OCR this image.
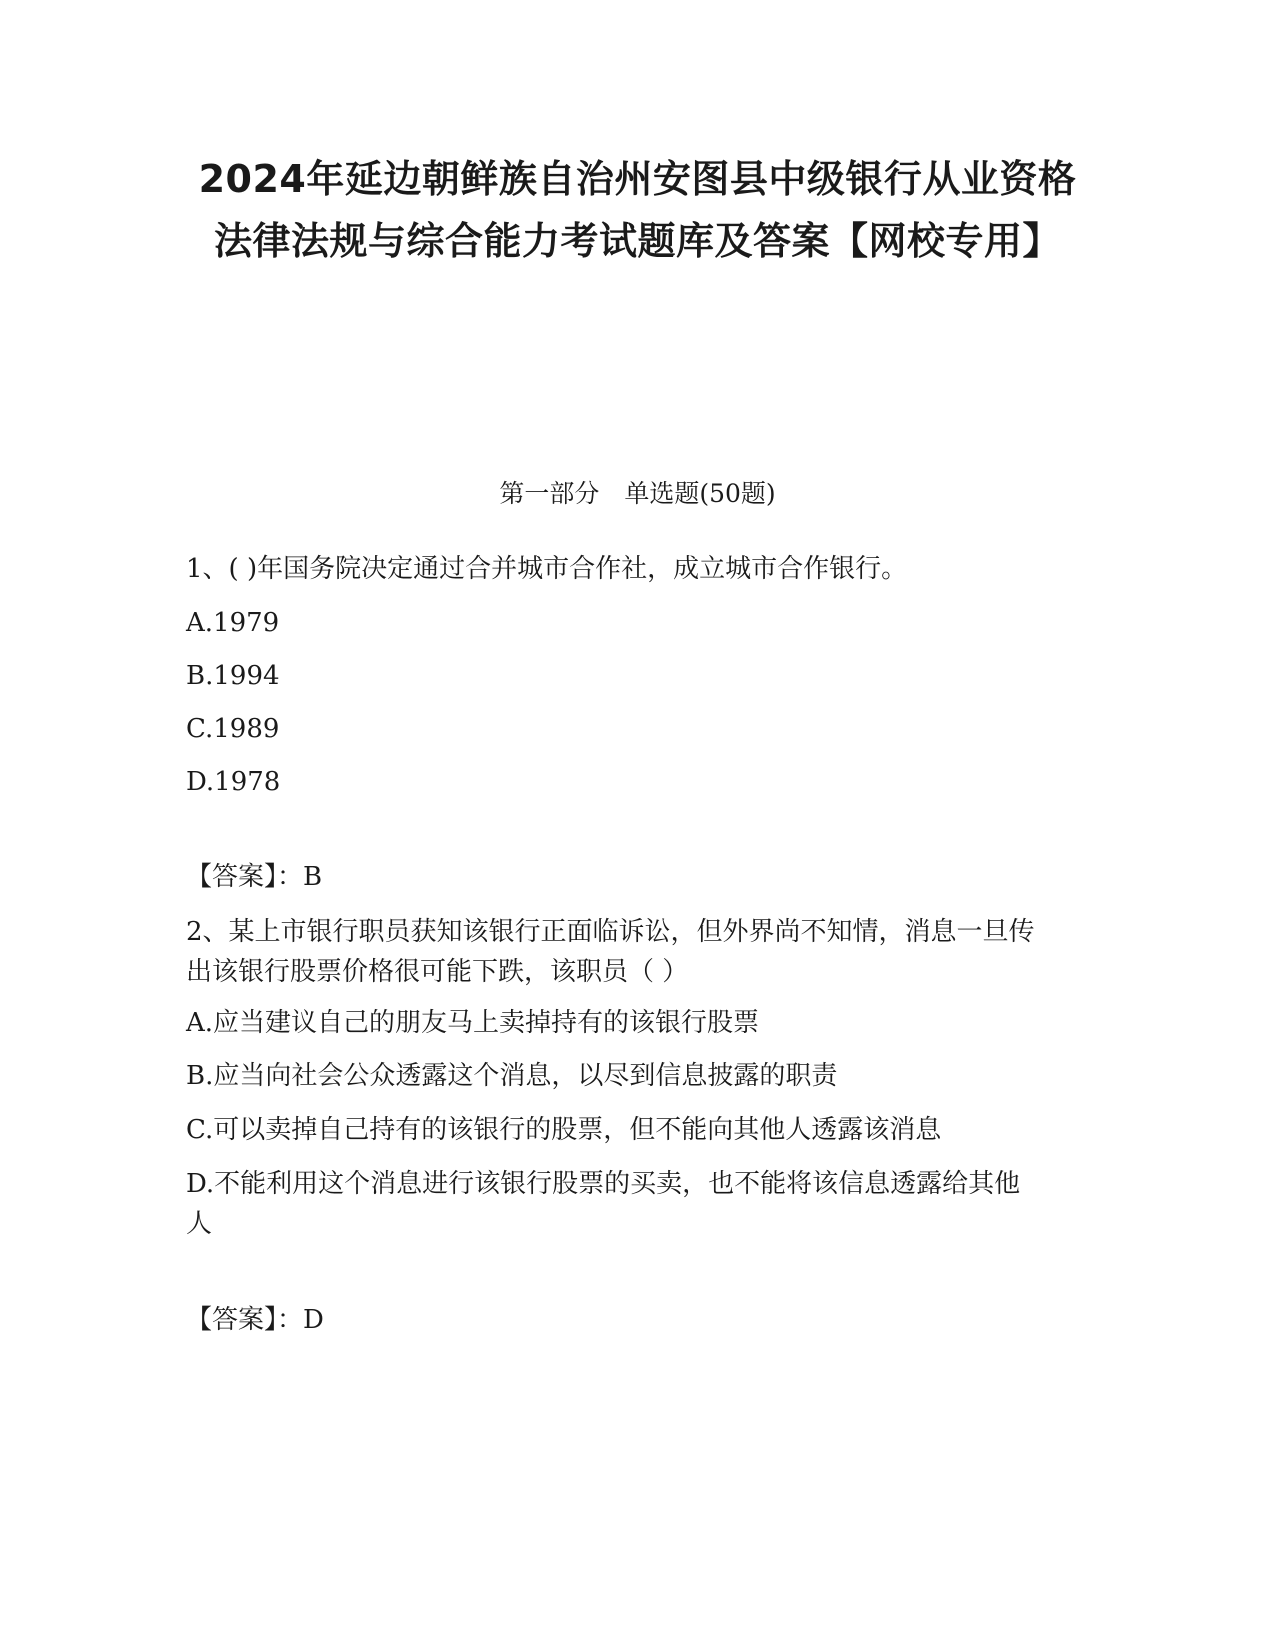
2024年延边朝鲜族自治州安图县中级银行从业资格法律法规与综合能力考试题库及答案【网校专用】

第一部分　单选题(50题)

1、( )年国务院决定通过合并城市合作社，成立城市合作银行。

A.1979

B.1994

C.1989

D.1978

【答案】：B

2、某上市银行职员获知该银行正面临诉讼，但外界尚不知情，消息一旦传出该银行股票价格很可能下跌，该职员（ ）

A.应当建议自己的朋友马上卖掉持有的该银行股票

B.应当向社会公众透露这个消息，以尽到信息披露的职责

C.可以卖掉自己持有的该银行的股票，但不能向其他人透露该消息

D.不能利用这个消息进行该银行股票的买卖，也不能将该信息透露给其他人

【答案】：D
